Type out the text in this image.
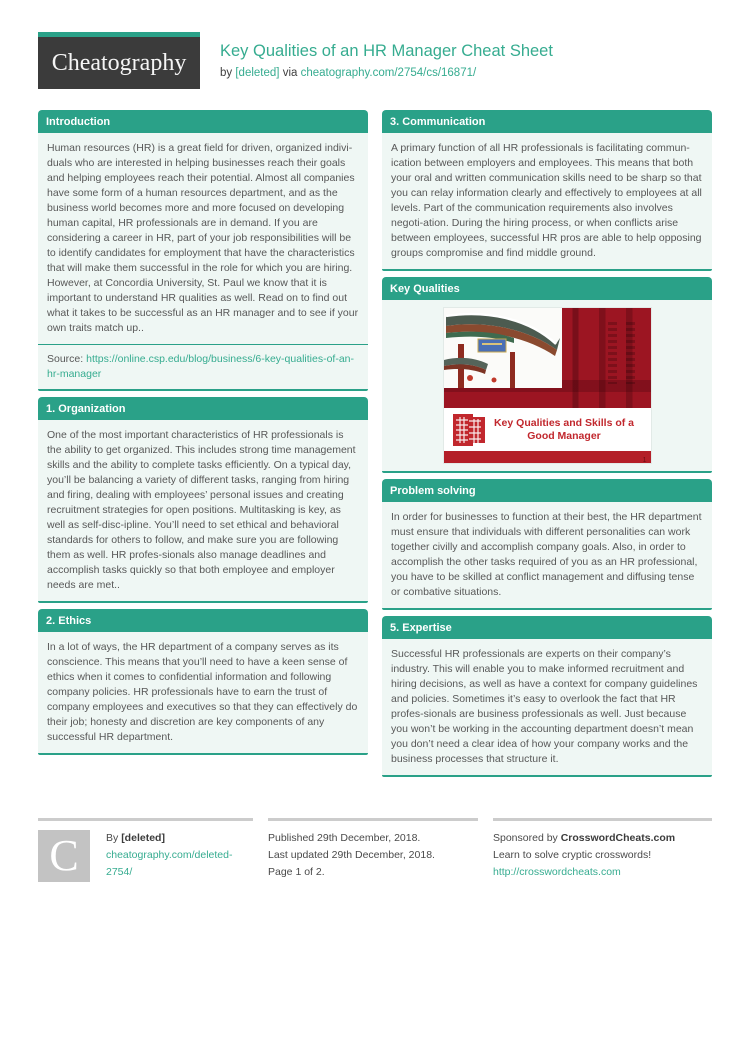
Cheatography Key Qualities of an HR Manager Cheat Sheet
by [deleted] via cheatography.com/2754/cs/16871/
Introduction
Human resources (HR) is a great field for driven, organized indivi-duals who are interested in helping businesses reach their goals and helping employees reach their potential. Almost all companies have some form of a human resources department, and as the business world becomes more and more focused on developing human capital, HR professionals are in demand. If you are considering a career in HR, part of your job responsibilities will be to identify candidates for employment that have the characteristics that will make them successful in the role for which you are hiring. However, at Concordia University, St. Paul we know that it is important to understand HR qualities as well. Read on to find out what it takes to be successful as an HR manager and to see if your own traits match up..
Source: https://online.csp.edu/blog/business/6-key-qualities-of-an-hr-manager
1. Organization
One of the most important characteristics of HR professionals is the ability to get organized. This includes strong time management skills and the ability to complete tasks efficiently. On a typical day, you’ll be balancing a variety of different tasks, ranging from hiring and firing, dealing with employees’ personal issues and creating recruitment strategies for open positions. Multitasking is key, as well as self-disc-ipline. You’ll need to set ethical and behavioral standards for others to follow, and make sure you are following them as well. HR profes-sionals also manage deadlines and accomplish tasks quickly so that both employee and employer needs are met..
2. Ethics
In a lot of ways, the HR department of a company serves as its conscience. This means that you’ll need to have a keen sense of ethics when it comes to confidential information and following company policies. HR professionals have to earn the trust of company employees and executives so that they can effectively do their job; honesty and discretion are key components of any successful HR department.
3. Communication
A primary function of all HR professionals is facilitating commun-ication between employers and employees. This means that both your oral and written communication skills need to be sharp so that you can relay information clearly and effectively to employees at all levels. Part of the communication requirements also involves negoti-ation. During the hiring process, or when conflicts arise between employees, successful HR pros are able to help opposing groups compromise and find middle ground.
Key Qualities
Key Qualities and Skills of a Good Manager
1
Problem solving
In order for businesses to function at their best, the HR department must ensure that individuals with different personalities can work together civilly and accomplish company goals. Also, in order to accomplish the other tasks required of you as an HR professional, you have to be skilled at conflict management and diffusing tense or combative situations.
5. Expertise
Successful HR professionals are experts on their company’s industry. This will enable you to make informed recruitment and hiring decisions, as well as have a context for company guidelines and policies. Sometimes it’s easy to overlook the fact that HR profes-sionals are business professionals as well. Just because you won’t be working in the accounting department doesn’t mean you don’t need a clear idea of how your company works and the business processes that structure it.
C	By [deleted]
cheatography.com/deleted-2754/
Published 29th December, 2018.
Last updated 29th December, 2018.
Page 1 of 2.
Sponsored by CrosswordCheats.com
Learn to solve cryptic crosswords!
http://crosswordcheats.com
